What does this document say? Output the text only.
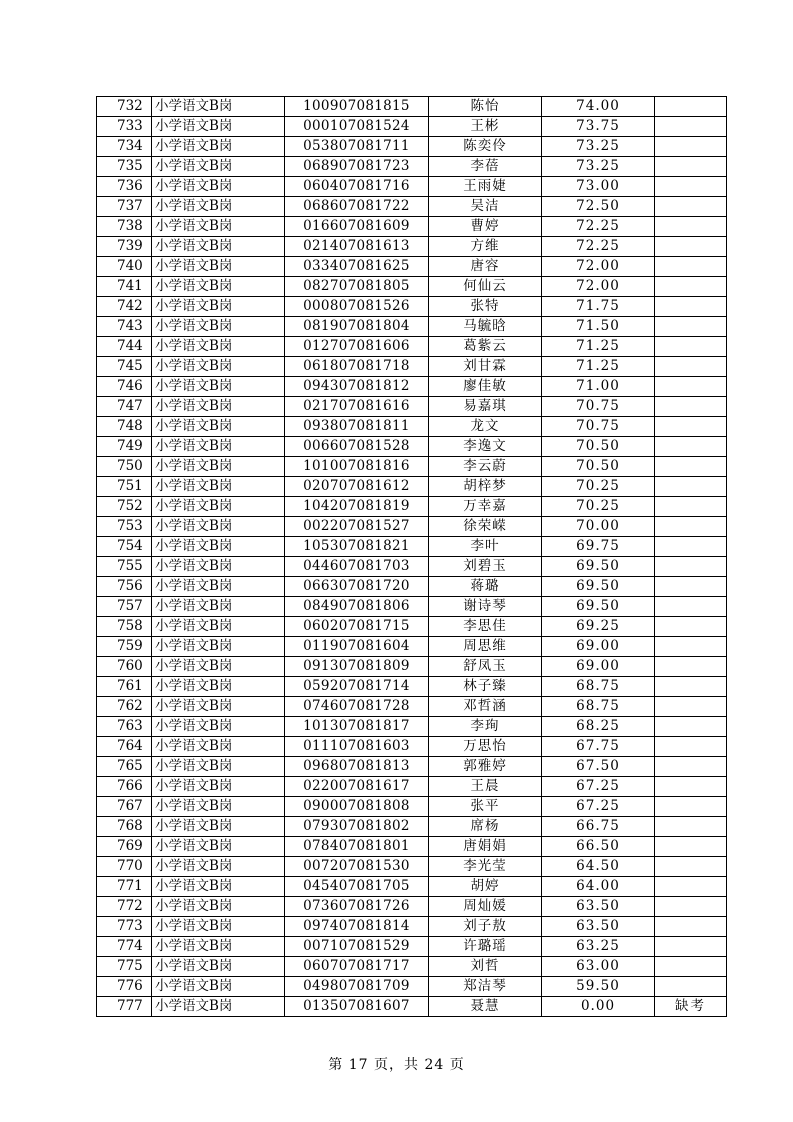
732	小学语文B岗	100907081815	陈怡	74.00	
733	小学语文B岗	000107081524	王彬	73.75	
734	小学语文B岗	053807081711	陈奕伶	73.25	
735	小学语文B岗	068907081723	李蓓	73.25	
736	小学语文B岗	060407081716	王雨婕	73.00	
737	小学语文B岗	068607081722	吴洁	72.50	
738	小学语文B岗	016607081609	曹婷	72.25	
739	小学语文B岗	021407081613	方维	72.25	
740	小学语文B岗	033407081625	唐容	72.00	
741	小学语文B岗	082707081805	何仙云	72.00	
742	小学语文B岗	000807081526	张特	71.75	
743	小学语文B岗	081907081804	马毓晗	71.50	
744	小学语文B岗	012707081606	葛紫云	71.25	
745	小学语文B岗	061807081718	刘甘霖	71.25	
746	小学语文B岗	094307081812	廖佳敏	71.00	
747	小学语文B岗	021707081616	易嘉琪	70.75	
748	小学语文B岗	093807081811	龙文	70.75	
749	小学语文B岗	006607081528	李逸文	70.50	
750	小学语文B岗	101007081816	李云蔚	70.50	
751	小学语文B岗	020707081612	胡梓梦	70.25	
752	小学语文B岗	104207081819	万幸嘉	70.25	
753	小学语文B岗	002207081527	徐荣嵘	70.00	
754	小学语文B岗	105307081821	李叶	69.75	
755	小学语文B岗	044607081703	刘碧玉	69.50	
756	小学语文B岗	066307081720	蒋璐	69.50	
757	小学语文B岗	084907081806	谢诗琴	69.50	
758	小学语文B岗	060207081715	李思佳	69.25	
759	小学语文B岗	011907081604	周思维	69.00	
760	小学语文B岗	091307081809	舒凤玉	69.00	
761	小学语文B岗	059207081714	林子臻	68.75	
762	小学语文B岗	074607081728	邓哲涵	68.75	
763	小学语文B岗	101307081817	李珣	68.25	
764	小学语文B岗	011107081603	万思怡	67.75	
765	小学语文B岗	096807081813	郭雅婷	67.50	
766	小学语文B岗	022007081617	王晨	67.25	
767	小学语文B岗	090007081808	张平	67.25	
768	小学语文B岗	079307081802	席杨	66.75	
769	小学语文B岗	078407081801	唐娟娟	66.50	
770	小学语文B岗	007207081530	李光莹	64.50	
771	小学语文B岗	045407081705	胡婷	64.00	
772	小学语文B岗	073607081726	周灿媛	63.50	
773	小学语文B岗	097407081814	刘子敖	63.50	
774	小学语文B岗	007107081529	许璐瑶	63.25	
775	小学语文B岗	060707081717	刘哲	63.00	
776	小学语文B岗	049807081709	郑洁琴	59.50	
777	小学语文B岗	013507081607	聂慧	0.00	缺考
第 17 页，共 24 页
